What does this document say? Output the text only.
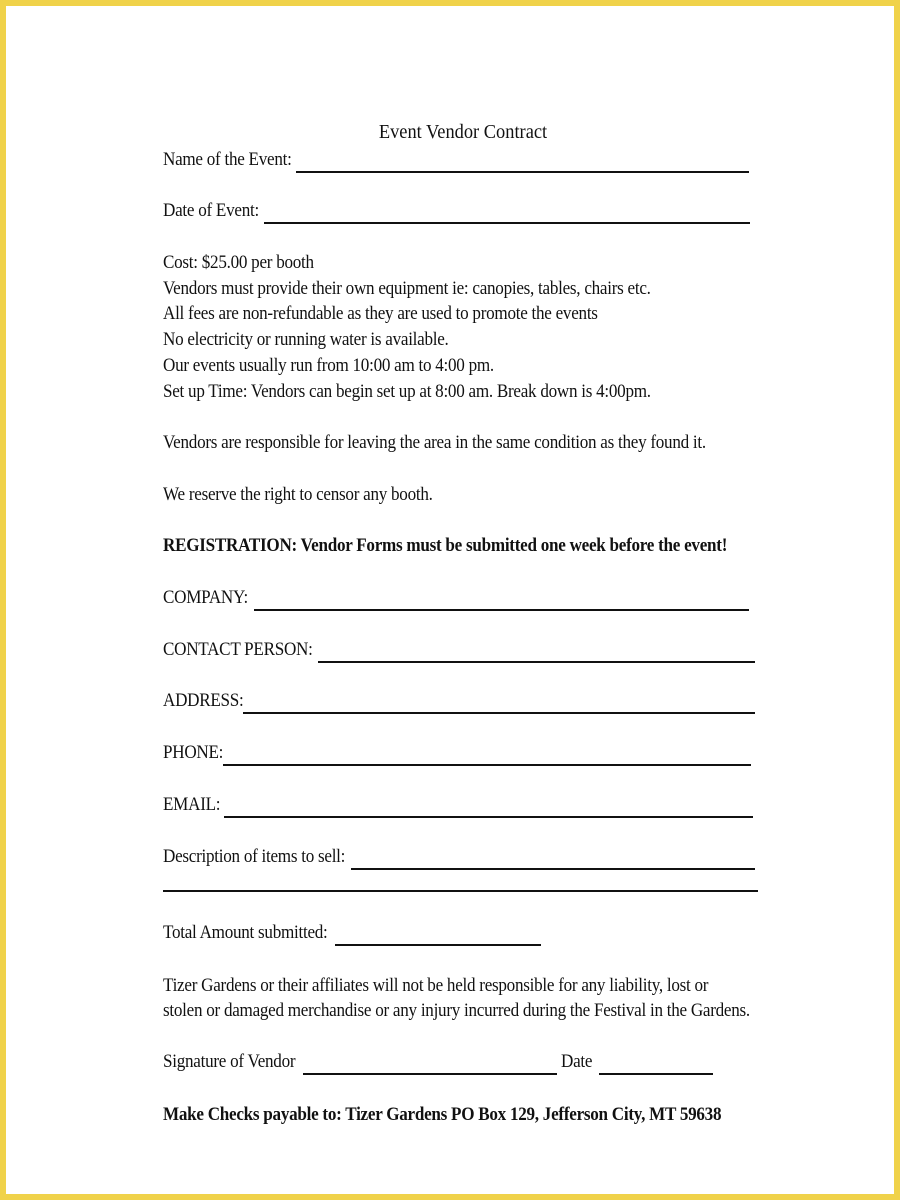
Event Vendor Contract
Name of the Event:
Date of Event:
Cost: $25.00 per booth
Vendors must provide their own equipment ie: canopies, tables, chairs etc.
All fees are non-refundable as they are used to promote the events
No electricity or running water is available.
Our events usually run from 10:00 am to 4:00 pm.
Set up Time: Vendors can begin set up at 8:00 am. Break down is 4:00pm.
Vendors are responsible for leaving the area in the same condition as they found it.
We reserve the right to censor any booth.
REGISTRATION: Vendor Forms must be submitted one week before the event!
COMPANY:
CONTACT PERSON:
ADDRESS:
PHONE:
EMAIL:
Description of items to sell:
Total Amount submitted:
Tizer Gardens or their affiliates will not be held responsible for any liability, lost or
stolen or damaged merchandise or any injury incurred during the Festival in the Gardens.
Signature of Vendor	Date
Make Checks payable to: Tizer Gardens PO Box 129, Jefferson City, MT 59638
